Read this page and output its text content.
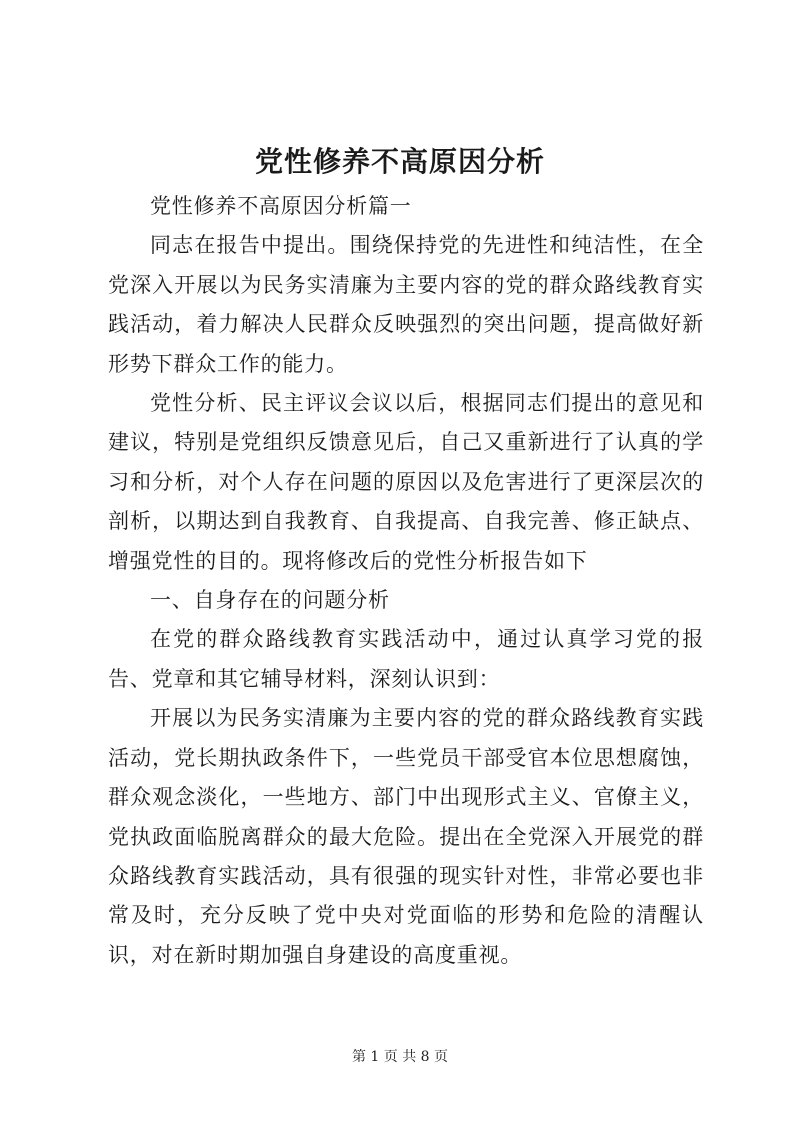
党性修养不高原因分析

党性修养不高原因分析篇一

同志在报告中提出。围绕保持党的先进性和纯洁性，在全党深入开展以为民务实清廉为主要内容的党的群众路线教育实践活动，着力解决人民群众反映强烈的突出问题，提高做好新形势下群众工作的能力。

党性分析、民主评议会议以后，根据同志们提出的意见和建议，特别是党组织反馈意见后，自己又重新进行了认真的学习和分析，对个人存在问题的原因以及危害进行了更深层次的剖析，以期达到自我教育、自我提高、自我完善、修正缺点、增强党性的目的。现将修改后的党性分析报告如下

一、自身存在的问题分析

在党的群众路线教育实践活动中，通过认真学习党的报告、党章和其它辅导材料，深刻认识到：

开展以为民务实清廉为主要内容的党的群众路线教育实践活动，党长期执政条件下，一些党员干部受官本位思想腐蚀，群众观念淡化，一些地方、部门中出现形式主义、官僚主义，党执政面临脱离群众的最大危险。提出在全党深入开展党的群众路线教育实践活动，具有很强的现实针对性，非常必要也非常及时，充分反映了党中央对党面临的形势和危险的清醒认识，对在新时期加强自身建设的高度重视。

第 1 页 共 8 页
